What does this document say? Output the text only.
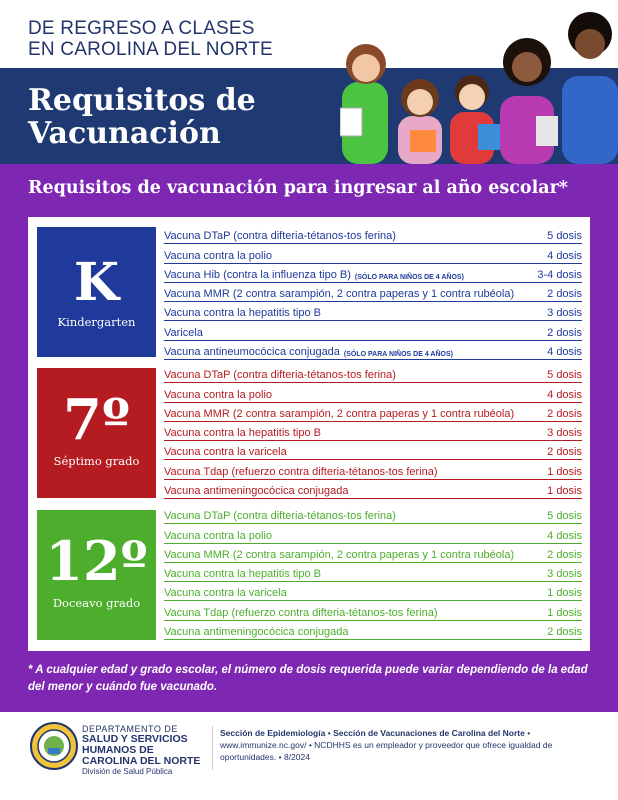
DE REGRESO A CLASES
EN CAROLINA DEL NORTE
Requisitos de
Vacunación
Requisitos de vacunación para ingresar al año escolar*
K
Kindergarten
Vacuna DTaP (contra difteria-tétanos-tos ferina)	5 dosis
Vacuna contra la polio	4 dosis
Vacuna Hib (contra la influenza tipo B) (SÓLO PARA NIÑOS DE 4 AÑOS)	3-4 dosis
Vacuna MMR (2 contra sarampión, 2 contra paperas y 1 contra rubéola)	2 dosis
Vacuna contra la hepatitis tipo B	3 dosis
Varicela	2 dosis
Vacuna antineumocócica conjugada (SÓLO PARA NIÑOS DE 4 AÑOS)	4 dosis
7º
Séptimo grado
Vacuna DTaP (contra difteria-tétanos-tos ferina)	5 dosis
Vacuna contra la polio	4 dosis
Vacuna MMR (2 contra sarampión, 2 contra paperas y 1 contra rubéola)	2 dosis
Vacuna contra la hepatitis tipo B	3 dosis
Vacuna contra la varicela	2 dosis
Vacuna Tdap (refuerzo contra difteria-tétanos-tos ferina)	1 dosis
Vacuna antimeningocócica conjugada	1 dosis
12º
Doceavo grado
Vacuna DTaP (contra difteria-tétanos-tos ferina)	5 dosis
Vacuna contra la polio	4 dosis
Vacuna MMR (2 contra sarampión, 2 contra paperas y 1 contra rubéola)	2 dosis
Vacuna contra la hepatitis tipo B	3 dosis
Vacuna contra la varicela	1 dosis
Vacuna Tdap (refuerzo contra difteria-tétanos-tos ferina)	1 dosis
Vacuna antimeningocócica conjugada	2 dosis
* A cualquier edad y grado escolar, el número de dosis requerida puede variar dependiendo de la edad del menor y cuándo fue vacunado.
DEPARTAMENTO DE
SALUD Y SERVICIOS
HUMANOS DE
CAROLINA DEL NORTE
División de Salud Pública
Sección de Epidemiología • Sección de Vacunaciones de Carolina del Norte •
www.immunize.nc.gov/ • NCDHHS es un empleador y proveedor que ofrece igualdad de oportunidades. • 8/2024
